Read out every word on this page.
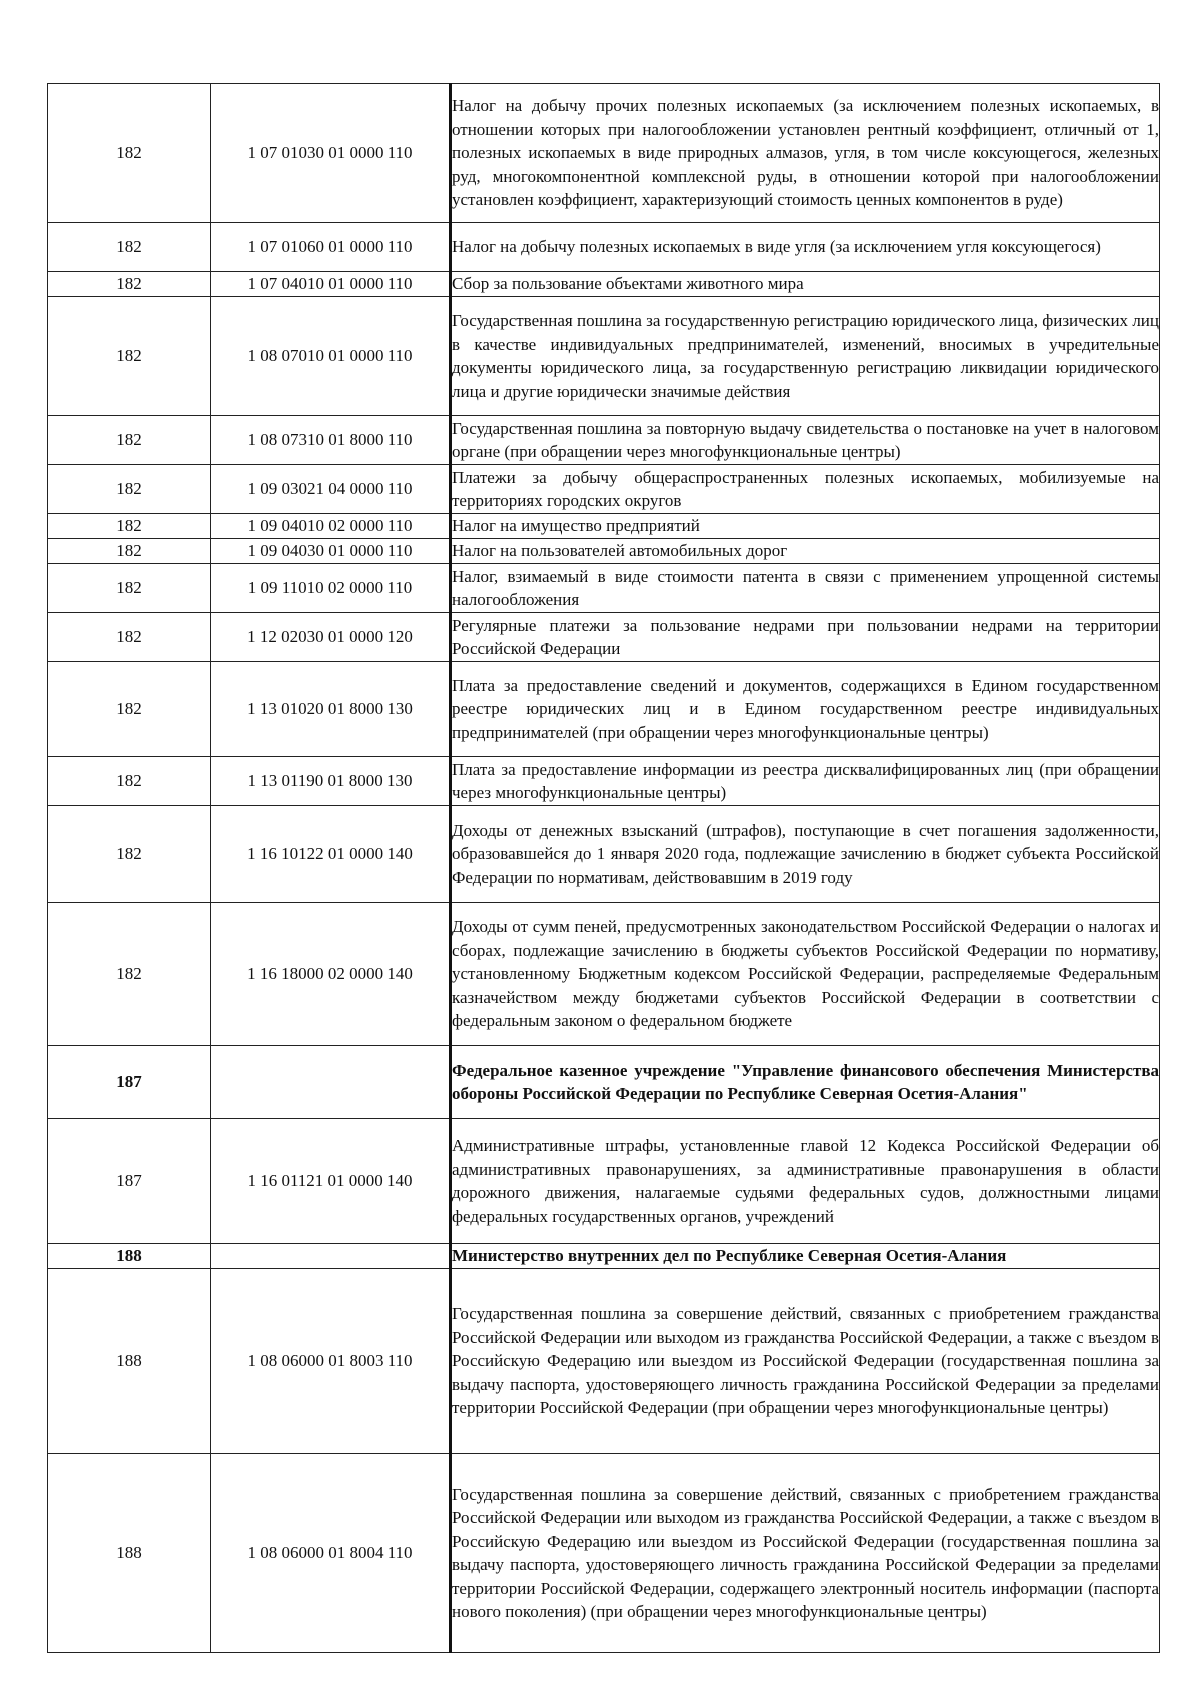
182	1 07 01030 01 0000 110	Налог на добычу прочих полезных ископаемых (за исключением полезных ископаемых, в отношении которых при налогообложении установлен рентный коэффициент, отличный от 1, полезных ископаемых в виде природных алмазов, угля, в том числе коксующегося, железных руд, многокомпонентной комплексной руды, в отношении которой при налогообложении установлен коэффициент, характеризующий стоимость ценных компонентов в руде)
182	1 07 01060 01 0000 110	Налог на добычу полезных ископаемых в виде угля (за исключением угля коксующегося)
182	1 07 04010 01 0000 110	Сбор за пользование объектами животного мира
182	1 08 07010 01 0000 110	Государственная пошлина за государственную регистрацию юридического лица, физических лиц в качестве индивидуальных предпринимателей, изменений, вносимых в учредительные документы юридического лица, за государственную регистрацию ликвидации юридического лица и другие юридически значимые действия
182	1 08 07310 01 8000 110	Государственная пошлина за повторную выдачу свидетельства о постановке на учет в налоговом органе (при обращении через многофункциональные центры)
182	1 09 03021 04 0000 110	Платежи за добычу общераспространенных полезных ископаемых, мобилизуемые на территориях городских округов
182	1 09 04010 02 0000 110	Налог на имущество предприятий
182	1 09 04030 01 0000 110	Налог на пользователей автомобильных дорог
182	1 09 11010 02 0000 110	Налог, взимаемый в виде стоимости патента в связи с применением упрощенной системы налогообложения
182	1 12 02030 01 0000 120	Регулярные платежи за пользование недрами при пользовании недрами на территории Российской Федерации
182	1 13 01020 01 8000 130	Плата за предоставление сведений и документов, содержащихся в Едином государственном реестре юридических лиц и в Едином государственном реестре индивидуальных предпринимателей (при обращении через многофункциональные центры)
182	1 13 01190 01 8000 130	Плата за предоставление информации из реестра дисквалифицированных лиц (при обращении через многофункциональные центры)
182	1 16 10122 01 0000 140	Доходы от денежных взысканий (штрафов), поступающие в счет погашения задолженности, образовавшейся до 1 января 2020 года, подлежащие зачислению в бюджет субъекта Российской Федерации по нормативам, действовавшим в 2019 году
182	1 16 18000 02 0000 140	Доходы от сумм пеней, предусмотренных законодательством Российской Федерации о налогах и сборах, подлежащие зачислению в бюджеты субъектов Российской Федерации по нормативу, установленному Бюджетным кодексом Российской Федерации, распределяемые Федеральным казначейством между бюджетами субъектов Российской Федерации в соответствии с федеральным законом о федеральном бюджете
187		Федеральное казенное учреждение "Управление финансового обеспечения Министерства обороны Российской Федерации по Республике Северная Осетия-Алания"
187	1 16 01121 01 0000 140	Административные штрафы, установленные главой 12 Кодекса Российской Федерации об административных правонарушениях, за административные правонарушения в области дорожного движения, налагаемые судьями федеральных судов, должностными лицами федеральных государственных органов, учреждений
188		Министерство внутренних дел по Республике Северная Осетия-Алания
188	1 08 06000 01 8003 110	Государственная пошлина за совершение действий, связанных с приобретением гражданства Российской Федерации или выходом из гражданства Российской Федерации, а также с въездом в Российскую Федерацию или выездом из Российской Федерации (государственная пошлина за выдачу паспорта, удостоверяющего личность гражданина Российской Федерации за пределами территории Российской Федерации (при обращении через многофункциональные центры)
188	1 08 06000 01 8004 110	Государственная пошлина за совершение действий, связанных с приобретением гражданства Российской Федерации или выходом из гражданства Российской Федерации, а также с въездом в Российскую Федерацию или выездом из Российской Федерации (государственная пошлина за выдачу паспорта, удостоверяющего личность гражданина Российской Федерации за пределами территории Российской Федерации, содержащего электронный носитель информации (паспорта нового поколения) (при обращении через многофункциональные центры)
